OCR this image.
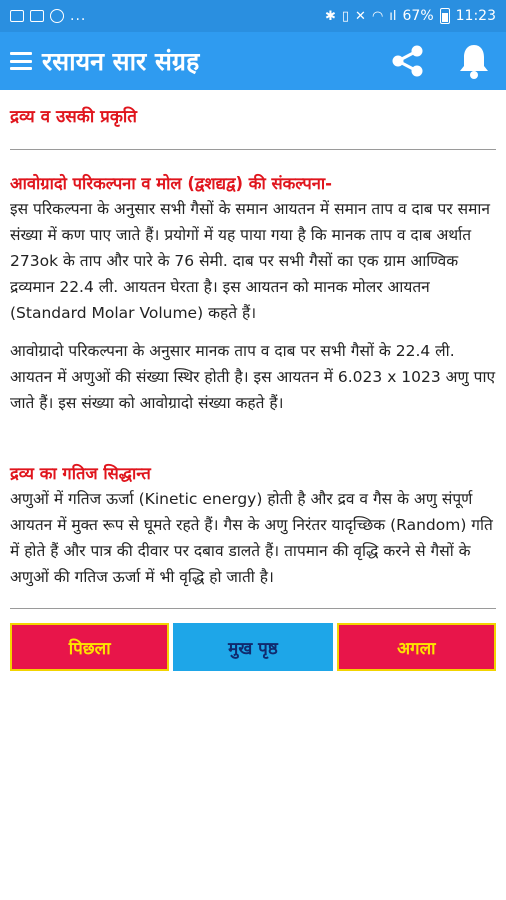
...	✱ ▯ ✕ ◠ ıl 67% 11:23
रसायन सार संग्रह
द्रव्य व उसकी प्रकृति
आवोग्रादो परिकल्पना व मोल (द्वशद्यद्व) की संकल्पना-

इस परिकल्पना के अनुसार सभी गैसों के समान आयतन में समान ताप व दाब पर समान संख्या में कण पाए जाते हैं। प्रयोगों में यह पाया गया है कि मानक ताप व दाब अर्थात 273ok के ताप और पारे के 76 सेमी. दाब पर सभी गैसों का एक ग्राम आण्विक द्रव्यमान 22.4 ली. आयतन घेरता है। इस आयतन को मानक मोलर आयतन (Standard Molar Volume) कहते हैं।

आवोग्रादो परिकल्पना के अनुसार मानक ताप व दाब पर सभी गैसों के 22.4 ली. आयतन में अणुओं की संख्या स्थिर होती है। इस आयतन में 6.023 x 1023 अणु पाए जाते हैं। इस संख्या को आवोग्रादो संख्या कहते हैं।

द्रव्य का गतिज सिद्धान्त

अणुओं में गतिज ऊर्जा (Kinetic energy) होती है और द्रव व गैस के अणु संपूर्ण आयतन में मुक्त रूप से घूमते रहते हैं। गैस के अणु निरंतर यादृच्छिक (Random) गति में होते हैं और पात्र की दीवार पर दबाव डालते हैं। तापमान की वृद्धि करने से गैसों के अणुओं की गतिज ऊर्जा में भी वृद्धि हो जाती है।

पिछला	मुख पृष्ठ	अगला
